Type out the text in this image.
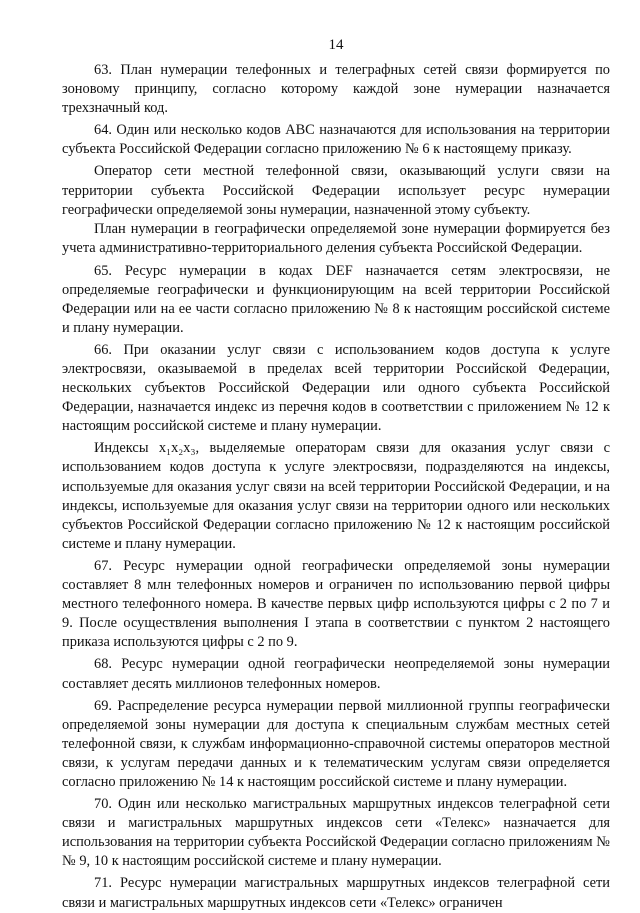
14

63. План нумерации телефонных и телеграфных сетей связи формируется по зоновому принципу, согласно которому каждой зоне нумерации назначается трехзначный код.

64. Один или несколько кодов ABC назначаются для использования на территории субъекта Российской Федерации согласно приложению № 6 к настоящему приказу.

Оператор сети местной телефонной связи, оказывающий услуги связи на территории субъекта Российской Федерации использует ресурс нумерации географически определяемой зоны нумерации, назначенной этому субъекту.

План нумерации в географически определяемой зоне нумерации формируется без учета административно-территориального деления субъекта Российской Федерации.

65. Ресурс нумерации в кодах DEF назначается сетям электросвязи, не определяемые географически и функционирующим на всей территории Российской Федерации или на ее части согласно приложению № 8 к настоящим российской системе и плану нумерации.

66. При оказании услуг связи с использованием кодов доступа к услуге электросвязи, оказываемой в пределах всей территории Российской Федерации, нескольких субъектов Российской Федерации или одного субъекта Российской Федерации, назначается индекс из перечня кодов в соответствии с приложением № 12 к настоящим российской системе и плану нумерации.

Индексы x₁x₂x₃, выделяемые операторам связи для оказания услуг связи с использованием кодов доступа к услуге электросвязи, подразделяются на индексы, используемые для оказания услуг связи на всей территории Российской Федерации, и на индексы, используемые для оказания услуг связи на территории одного или нескольких субъектов Российской Федерации согласно приложению № 12 к настоящим российской системе и плану нумерации.

67. Ресурс нумерации одной географически определяемой зоны нумерации составляет 8 млн телефонных номеров и ограничен по использованию первой цифры местного телефонного номера. В качестве первых цифр используются цифры с 2 по 7 и 9. После осуществления выполнения I этапа в соответствии с пунктом 2 настоящего приказа используются цифры с 2 по 9.

68. Ресурс нумерации одной географически неопределяемой зоны нумерации составляет десять миллионов телефонных номеров.

69. Распределение ресурса нумерации первой миллионной группы географически определяемой зоны нумерации для доступа к специальным службам местных сетей телефонной связи, к службам информационно-справочной системы операторов местной связи, к услугам передачи данных и к телематическим услугам связи определяется согласно приложению № 14 к настоящим российской системе и плану нумерации.

70. Один или несколько магистральных маршрутных индексов телеграфной сети связи и магистральных маршрутных индексов сети «Телекс» назначается для использования на территории субъекта Российской Федерации согласно приложениям №№ 9, 10 к настоящим российской системе и плану нумерации.

71. Ресурс нумерации магистральных маршрутных индексов телеграфной сети связи и магистральных маршрутных индексов сети «Телекс» ограничен
